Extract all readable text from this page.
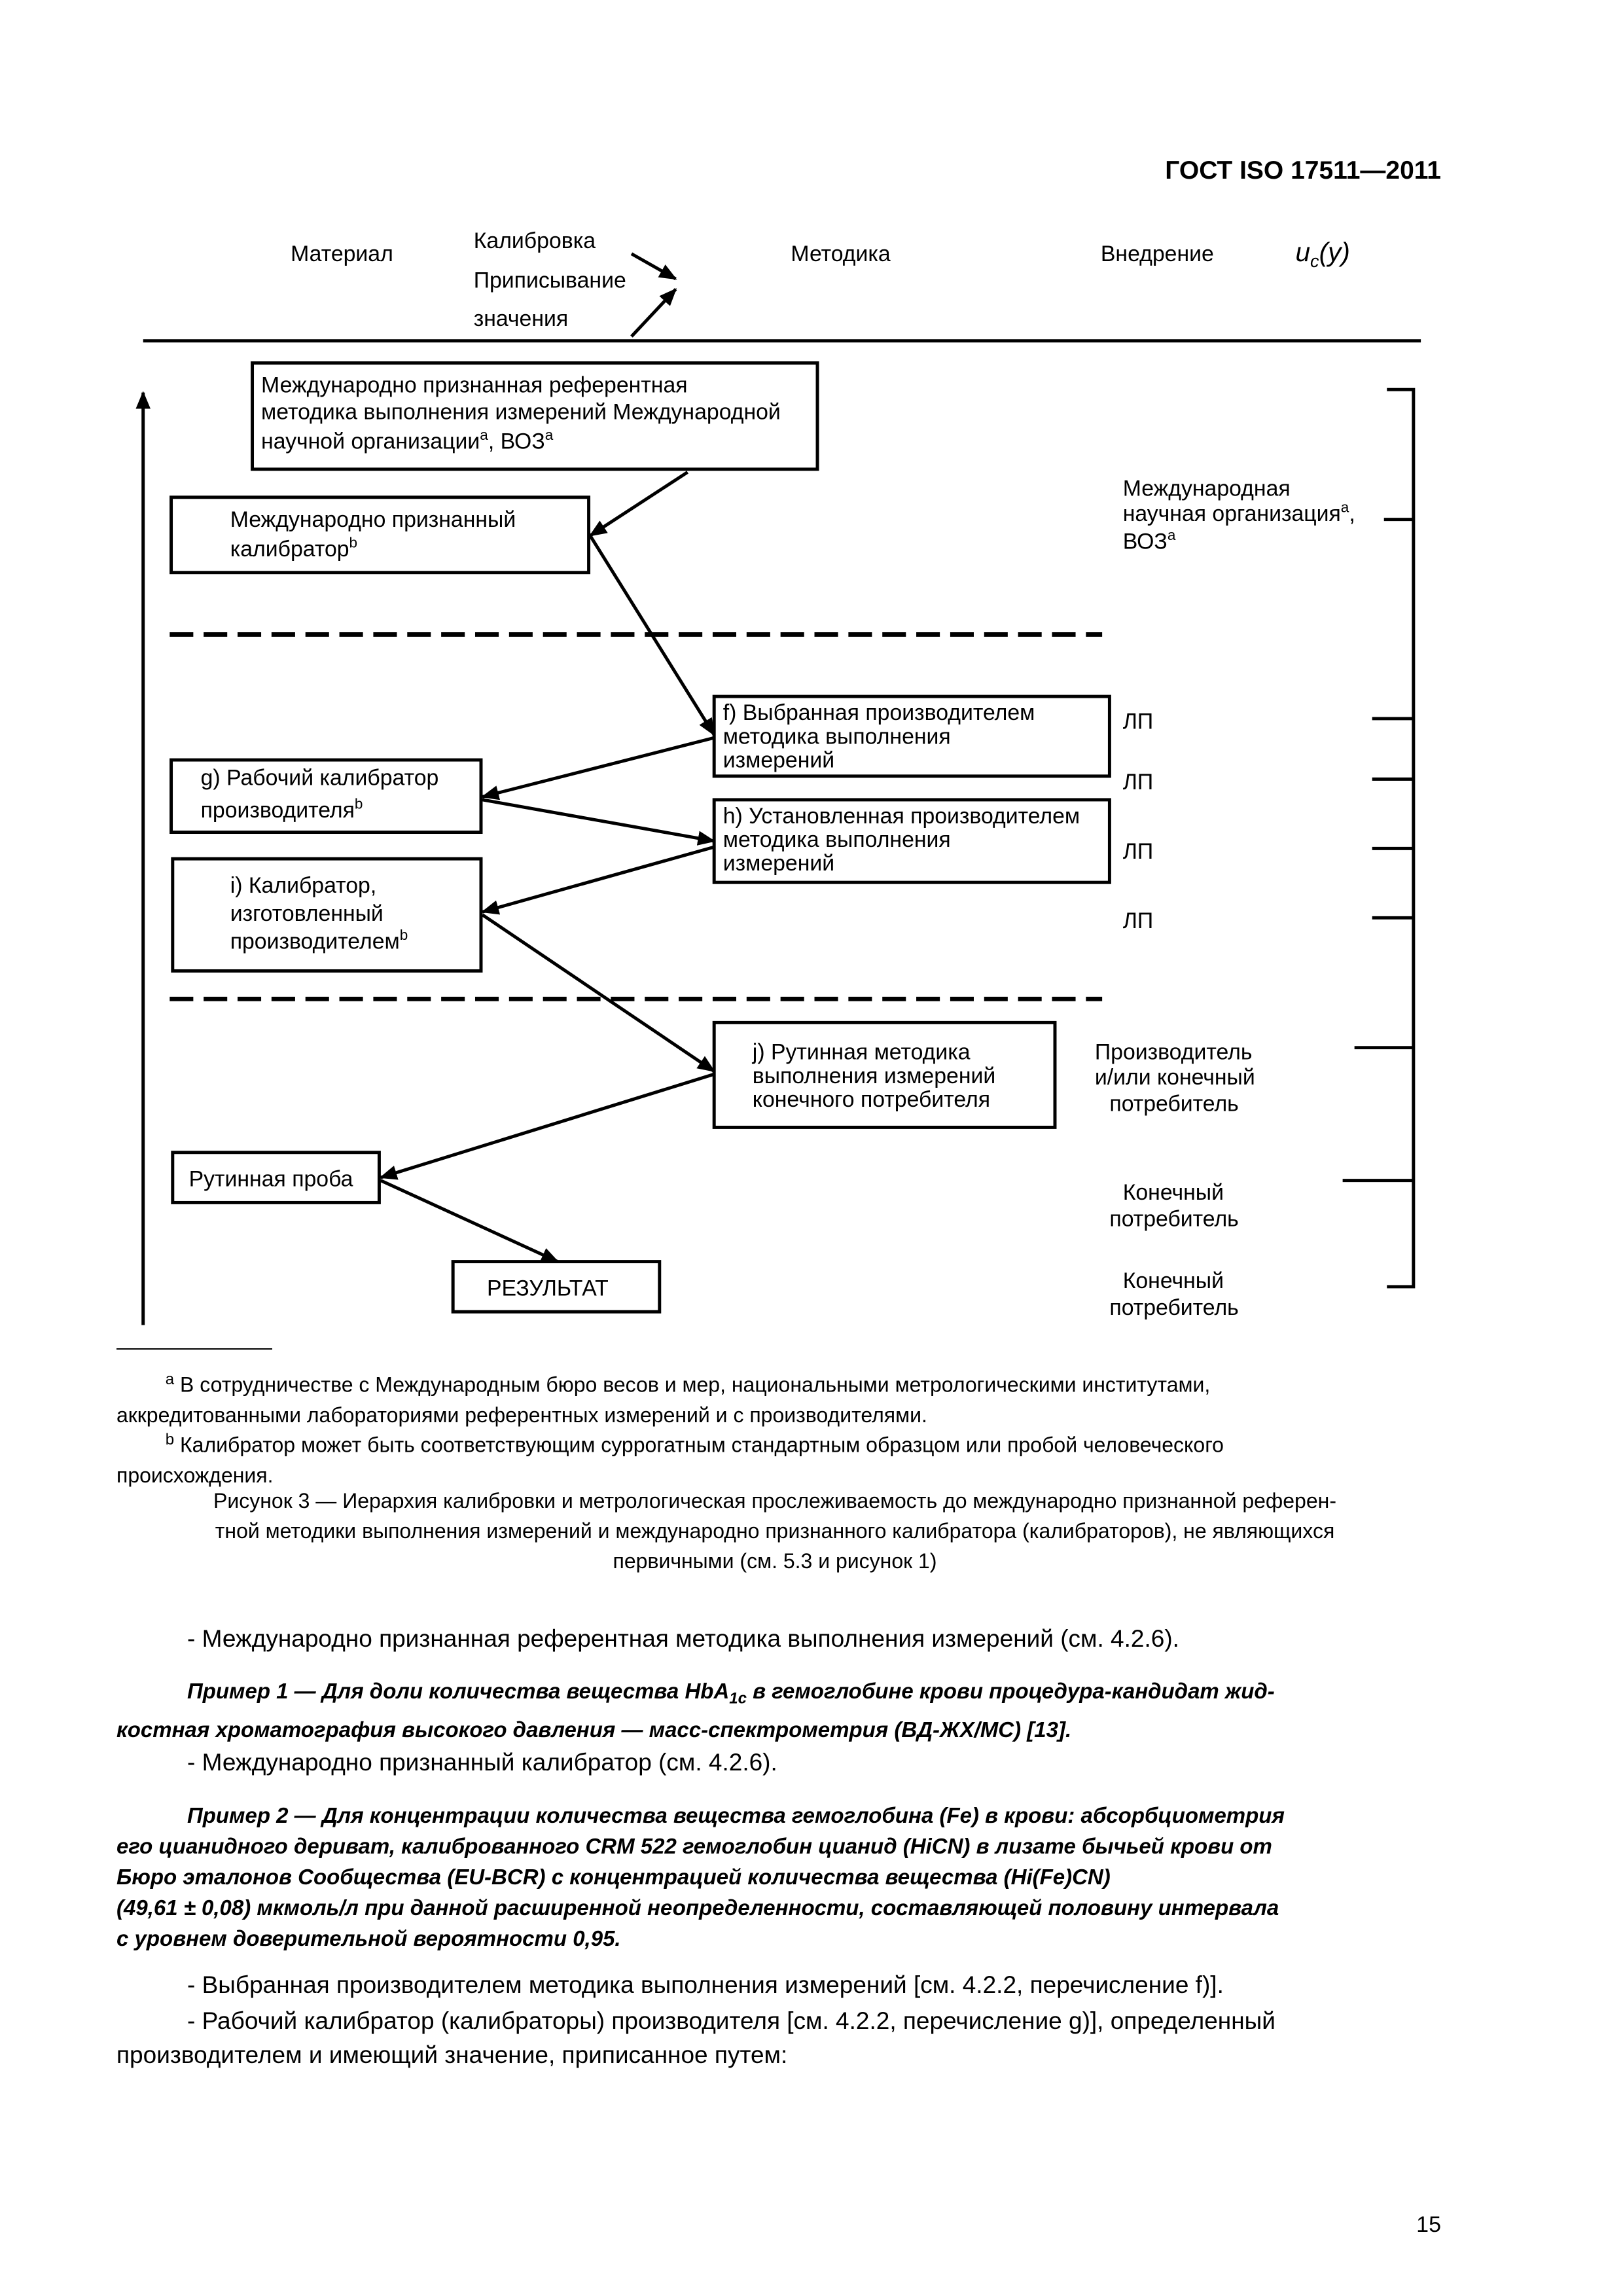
ГОСТ ISO 17511—2011
Материал
Калибровка
Приписывание
значения
Методика	Внедрение	$u_c(y)$
Международно признанная референтная
методика выполнения измерений Международной
научной организации$^a$, ВОЗ$^a$
Международно признанный
калибратор$^b$
f) Выбранная производителем
методика выполнения
измерений
g) Рабочий калибратор
производителя$^b$
h) Установленная производителем
методика выполнения
измерений
i) Калибратор,
изготовленный
производителем$^b$
j) Рутинная методика
выполнения измерений
конечного потребителя
Рутинная проба
РЕЗУЛЬТАТ
Международная
научная организация$^a$,
ВОЗ$^a$
ЛП
ЛП
ЛП
ЛП
Производитель
и/или конечный
потребитель
Конечный
потребитель
Конечный
потребитель
$^a$ В сотрудничестве с Международным бюро весов и мер, национальными метрологическими институтами,
аккредитованными лабораториями референтных измерений и с производителями.
$^b$ Калибратор может быть соответствующим суррогатным стандартным образцом или пробой человеческого
происхождения.
Рисунок 3 — Иерархия калибровки и метрологическая прослеживаемость до международно признанной референ-
тной методики выполнения измерений и международно признанного калибратора (калибраторов), не являющихся
первичными (см. 5.3 и рисунок 1)
- Международно признанная референтная методика выполнения измерений (см. 4.2.6).
Пример 1 — Для доли количества вещества HbA$_{1c}$ в гемоглобине крови процедура-кандидат жид-
костная хроматография высокого давления — масс-спектрометрия (ВД-ЖХ/МС) [13].
- Международно признанный калибратор (см. 4.2.6).
Пример 2 — Для концентрации количества вещества гемоглобина (Fe) в крови: абсорбциометрия
его цианидного дериват, калиброванного CRM 522 гемоглобин цианид (HiCN) в лизате бычьей крови от
Бюро эталонов Сообщества (EU-BCR) с концентрацией количества вещества (Hi(Fe)CN)
(49,61 ± 0,08) мкмоль/л при данной расширенной неопределенности, составляющей половину интервала
с уровнем доверительной вероятности 0,95.
- Выбранная производителем методика выполнения измерений [см. 4.2.2, перечисление f)].
- Рабочий калибратор (калибраторы) производителя [см. 4.2.2, перечисление g)], определенный
производителем и имеющий значение, приписанное путем:
15
